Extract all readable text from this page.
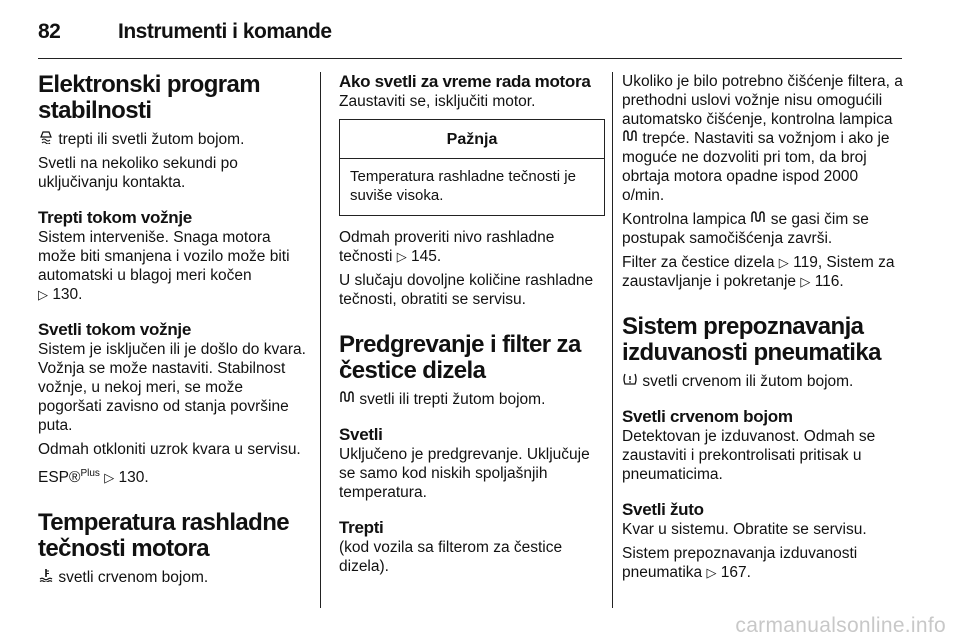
82	Instrumenti i komande
Elektronski program stabilnosti

trepti ili svetli žutom bojom.

Svetli na nekoliko sekundi po uključivanju kontakta.

Trepti tokom vožnje

Sistem interveniše. Snaga motora može biti smanjena i vozilo može biti automatski u blagoj meri kočen
▷ 130.

Svetli tokom vožnje

Sistem je isključen ili je došlo do kvara. Vožnja se može nastaviti. Stabilnost vožnje, u nekoj meri, se može pogoršati zavisno od stanja površine puta.

Odmah otkloniti uzrok kvara u servisu.

ESP®$^{Plus}$ ▷ 130.

Temperatura rashladne tečnosti motora

svetli crvenom bojom.

Ako svetli za vreme rada motora

Zaustaviti se, isključiti motor.

Pažnja
Temperatura rashladne tečnosti je suviše visoka.

Odmah proveriti nivo rashladne tečnosti ▷ 145.

U slučaju dovoljne količine rashladne tečnosti, obratiti se servisu.

Predgrevanje i filter za čestice dizela

svetli ili trepti žutom bojom.

Svetli

Uključeno je predgrevanje. Uključuje se samo kod niskih spoljašnjih temperatura.

Trepti

(kod vozila sa filterom za čestice dizela).

Ukoliko je bilo potrebno čišćenje filtera, a prethodni uslovi vožnje nisu omogućili automatsko čišćenje, kontrolna lampica  trepće. Nastaviti sa vožnjom i ako je moguće ne dozvoliti pri tom, da broj obrtaja motora opadne ispod 2000 o/min.

Kontrolna lampica se gasi čim se postupak samočišćenja završi.

Filter za čestice dizela ▷ 119, Sistem za zaustavljanje i pokretanje ▷ 116.

Sistem prepoznavanja izduvanosti pneumatika

svetli crvenom ili žutom bojom.

Svetli crvenom bojom

Detektovan je izduvanost. Odmah se zaustaviti i prekontrolisati pritisak u pneumaticima.

Svetli žuto

Kvar u sistemu. Obratite se servisu.

Sistem prepoznavanja izduvanosti pneumatika ▷ 167.

carmanualsonline.info
